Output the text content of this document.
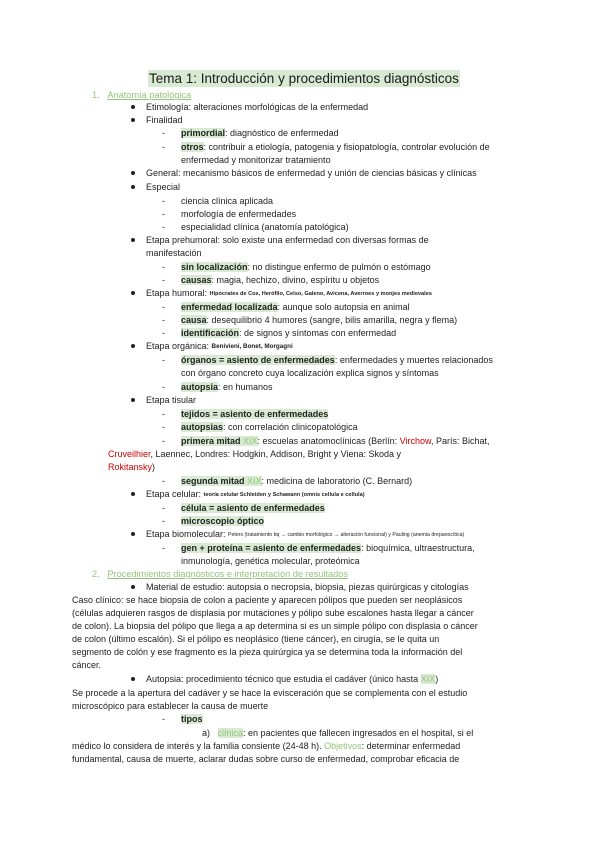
Tema 1: Introducción y procedimientos diagnósticos
1. Anatomía patológica
Etimología: alteraciones morfológicas de la enfermedad
Finalidad
- primordial: diagnóstico de enfermedad
- otros: contribuir a etiología, patogenia y fisiopatología, controlar evolución de
enfermedad y monitorizar tratamiento
General: mecanismo básicos de enfermedad y unión de ciencias básicas y clínicas
Especial
- ciencia clínica aplicada
- morfología de enfermedades
- especialidad clínica (anatomía patológica)
Etapa prehumoral: solo existe una enfermedad con diversas formas de
manifestación
- sin localización: no distingue enfermo de pulmón o estómago
- causas: magia, hechizo, divino, espíritu u objetos
Etapa humoral: Hipócrates de Cos, Herófilo, Celso, Galeno, Avicena, Averroes y monjes medievales
- enfermedad localizada: aunque solo autopsia en animal
- causa: desequilibrio 4 humores (sangre, bilis amarilla, negra y flema)
- identificación: de signos y síntomas con enfermedad
Etapa orgánica: Benivieni, Bonet, Morgagni
- órganos = asiento de enfermedades: enfermedades y muertes relacionados
con órgano concreto cuya localización explica signos y síntomas
- autopsia: en humanos
Etapa tisular
- tejidos = asiento de enfermedades
- autopsias: con correlación clinicopatológica
- primera mitad XIX: escuelas anatomoclínicas (Berlín: Virchow, París: Bichat,
Cruveilhier, Laennec, Londres: Hodgkin, Addison, Bright y Viena: Skoda y
Rokitansky)
- segunda mitad XIX: medicina de laboratorio (C. Bernard)
Etapa celular: teoría celular Schleiden y Schawann (omnis cellula e cellula)
- célula = asiento de enfermedades
- microscopio óptico
Etapa biomolecular: Peters (tratamiento bq → cambio morfológico → alteración funcional) y Pauling (anemia drepanocítica)
- gen + proteína = asiento de enfermedades: bioquímica, ultraestructura,
inmunología, genética molecular, proteómica
2. Procedimientos diagnósticos e interpretación de resultados
Material de estudio: autopsia o necropsia, biopsia, piezas quirúrgicas y citologías
Caso clínico: se hace biopsia de colon a paciente y aparecen pólipos que pueden ser neoplásicos
(células adquieren rasgos de displasia por mutaciones y pólipo sube escalones hasta llegar a cáncer
de colon). La biopsia del pólipo que llega a ap determina si es un simple pólipo con displasia o cáncer
de colon (último escalón). Si el pólipo es neoplásico (tiene cáncer), en cirugía, se le quita un
segmento de colón y ese fragmento es la pieza quirúrgica ya se determina toda la información del
cáncer.
Autopsia: procedimiento técnico que estudia el cadáver (único hasta XIX)
Se procede a la apertura del cadáver y se hace la evisceración que se complementa con el estudio
microscópico para establecer la causa de muerte
- tipos
a) clínica: en pacientes que fallecen ingresados en el hospital, si el
médico lo considera de interés y la familia consiente (24-48 h). Objetivos: determinar enfermedad
fundamental, causa de muerte, aclarar dudas sobre curso de enfermedad, comprobar eficacia de
